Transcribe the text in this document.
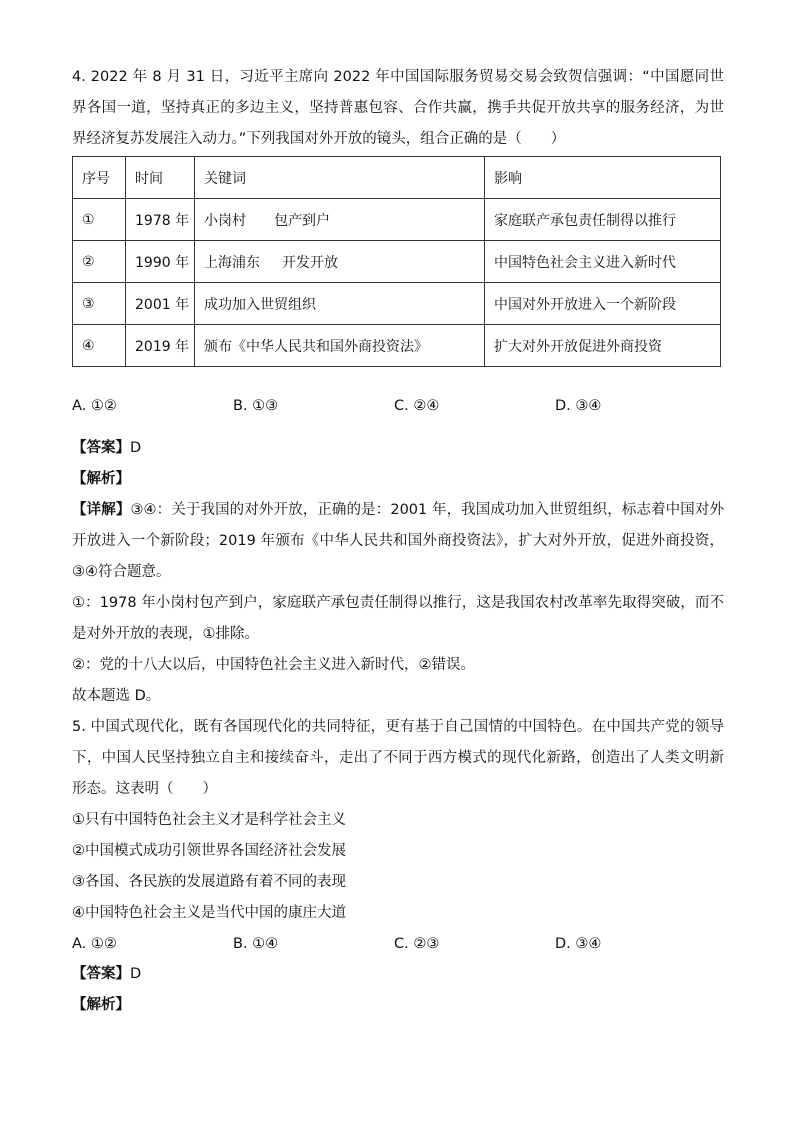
4. 2022 年 8 月 31 日，习近平主席向 2022 年中国国际服务贸易交易会致贺信强调：“中国愿同世界各国一道，坚持真正的多边主义，坚持普惠包容、合作共赢，携手共促开放共享的服务经济，为世界经济复苏发展注入动力。”下列我国对外开放的镜头，组合正确的是（　　）

序号	时间	关键词	影响
①	1978 年	小岗村 包产到户	家庭联产承包责任制得以推行
②	1990 年	上海浦东 开发开放	中国特色社会主义进入新时代
③	2001 年	成功加入世贸组织	中国对外开放进入一个新阶段
④	2019 年	颁布《中华人民共和国外商投资法》	扩大对外开放促进外商投资
A. ①②	B. ①③	C. ②④	D. ③④

【答案】D

【解析】

【详解】③④：关于我国的对外开放，正确的是：2001 年，我国成功加入世贸组织，标志着中国对外开放进入一个新阶段；2019 年颁布《中华人民共和国外商投资法》，扩大对外开放，促进外商投资，③④符合题意。

①：1978 年小岗村包产到户，家庭联产承包责任制得以推行，这是我国农村改革率先取得突破，而不是对外开放的表现，①排除。

②：党的十八大以后，中国特色社会主义进入新时代，②错误。

故本题选 D。

5. 中国式现代化，既有各国现代化的共同特征，更有基于自己国情的中国特色。在中国共产党的领导下，中国人民坚持独立自主和接续奋斗，走出了不同于西方模式的现代化新路，创造出了人类文明新形态。这表明（　　）

①只有中国特色社会主义才是科学社会主义

②中国模式成功引领世界各国经济社会发展

③各国、各民族的发展道路有着不同的表现

④中国特色社会主义是当代中国的康庄大道

A. ①②	B. ①④	C. ②③	D. ③④

【答案】D

【解析】
